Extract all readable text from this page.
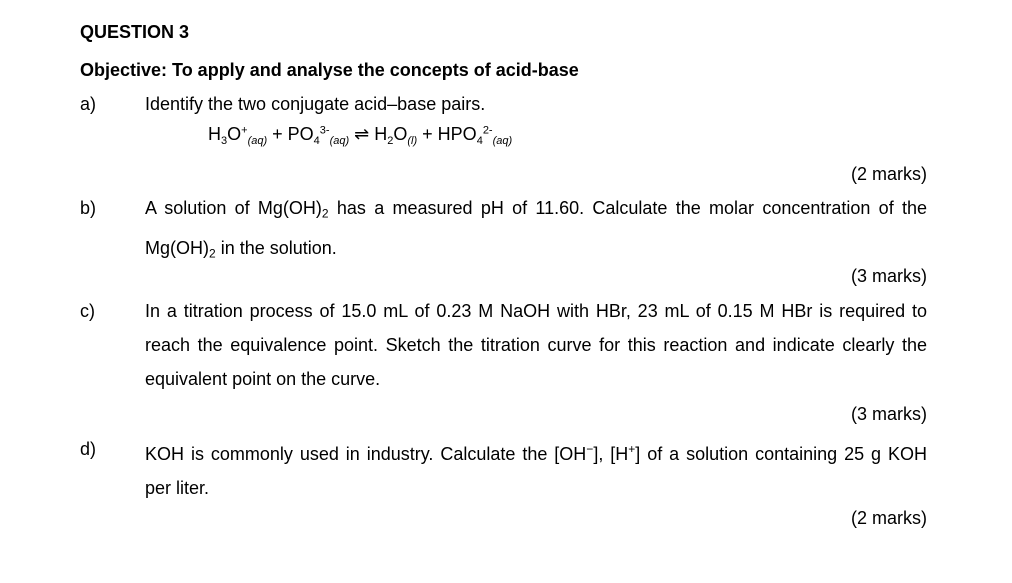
QUESTION 3
Objective: To apply and analyse the concepts of acid-base
a)	Identify the two conjugate acid–base pairs.
$H_3O^+_{(aq)} + PO_4^{3-}_{(aq)}$ ⇌ $H_2O_{(l)} + HPO_4^{2-}_{(aq)}$
(2 marks)
b)	A solution of $Mg(OH)_2$ has a measured pH of 11.60. Calculate the molar concentration of the $Mg(OH)_2$ in the solution.
(3 marks)
c)	In a titration process of 15.0 mL of 0.23 M NaOH with HBr, 23 mL of 0.15 M HBr is required to reach the equivalence point. Sketch the titration curve for this reaction and indicate clearly the equivalent point on the curve.
(3 marks)
d)	KOH is commonly used in industry. Calculate the [OH−], [H+] of a solution containing 25 g KOH per liter.
(2 marks)
